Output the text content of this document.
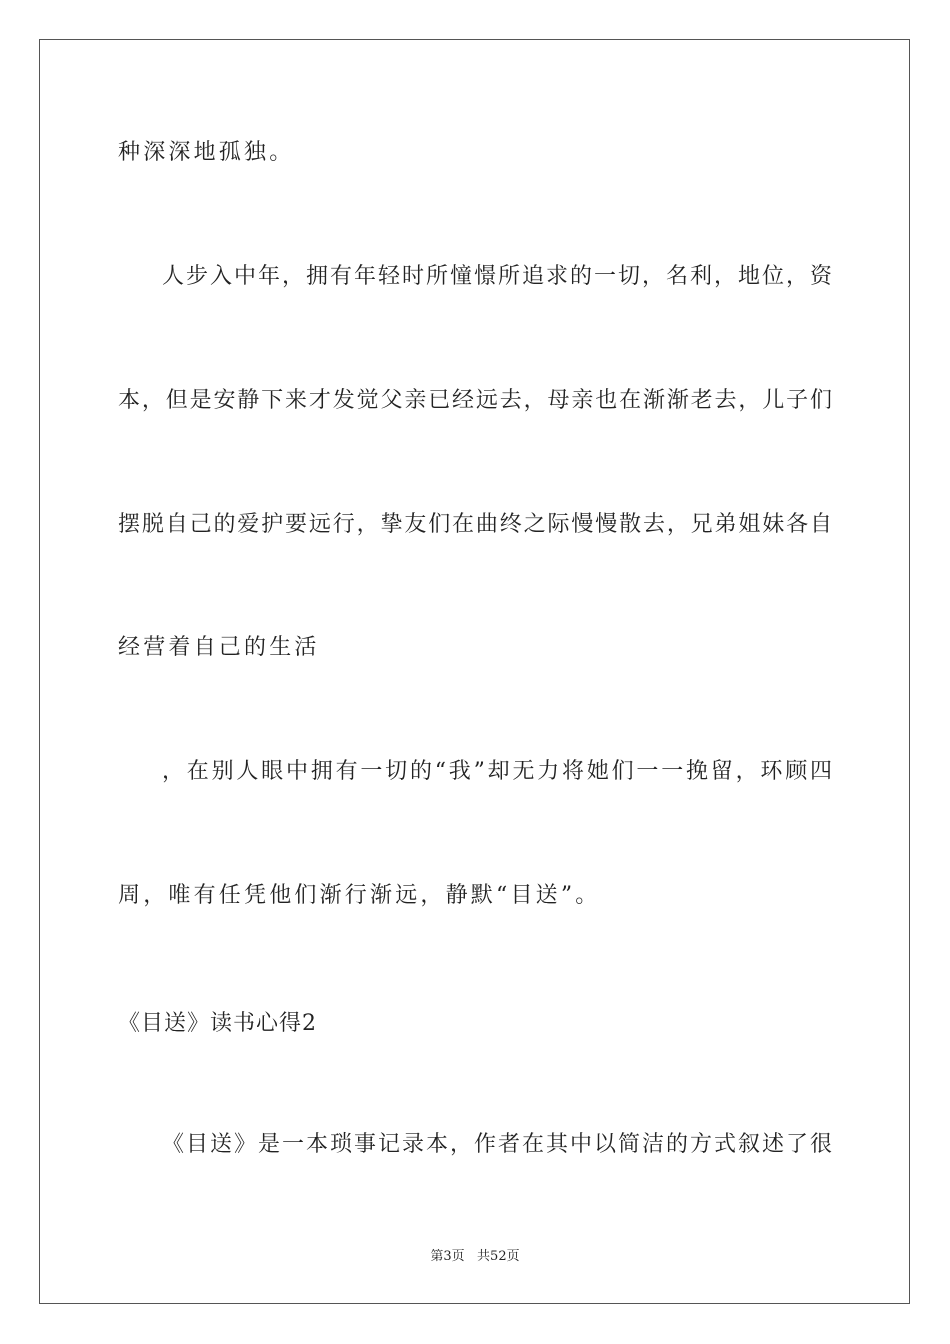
种深深地孤独。
人步入中年，拥有年轻时所憧憬所追求的一切，名利，地位，资
本，但是安静下来才发觉父亲已经远去，母亲也在渐渐老去，儿子们
摆脱自己的爱护要远行，挚友们在曲终之际慢慢散去，兄弟姐妹各自
经营着自己的生活
，在别人眼中拥有一切的“我”却无力将她们一一挽留，环顾四
周，唯有任凭他们渐行渐远，静默“目送”。
《目送》读书心得2
《目送》是一本琐事记录本，作者在其中以简洁的方式叙述了很
第3页   共52页
